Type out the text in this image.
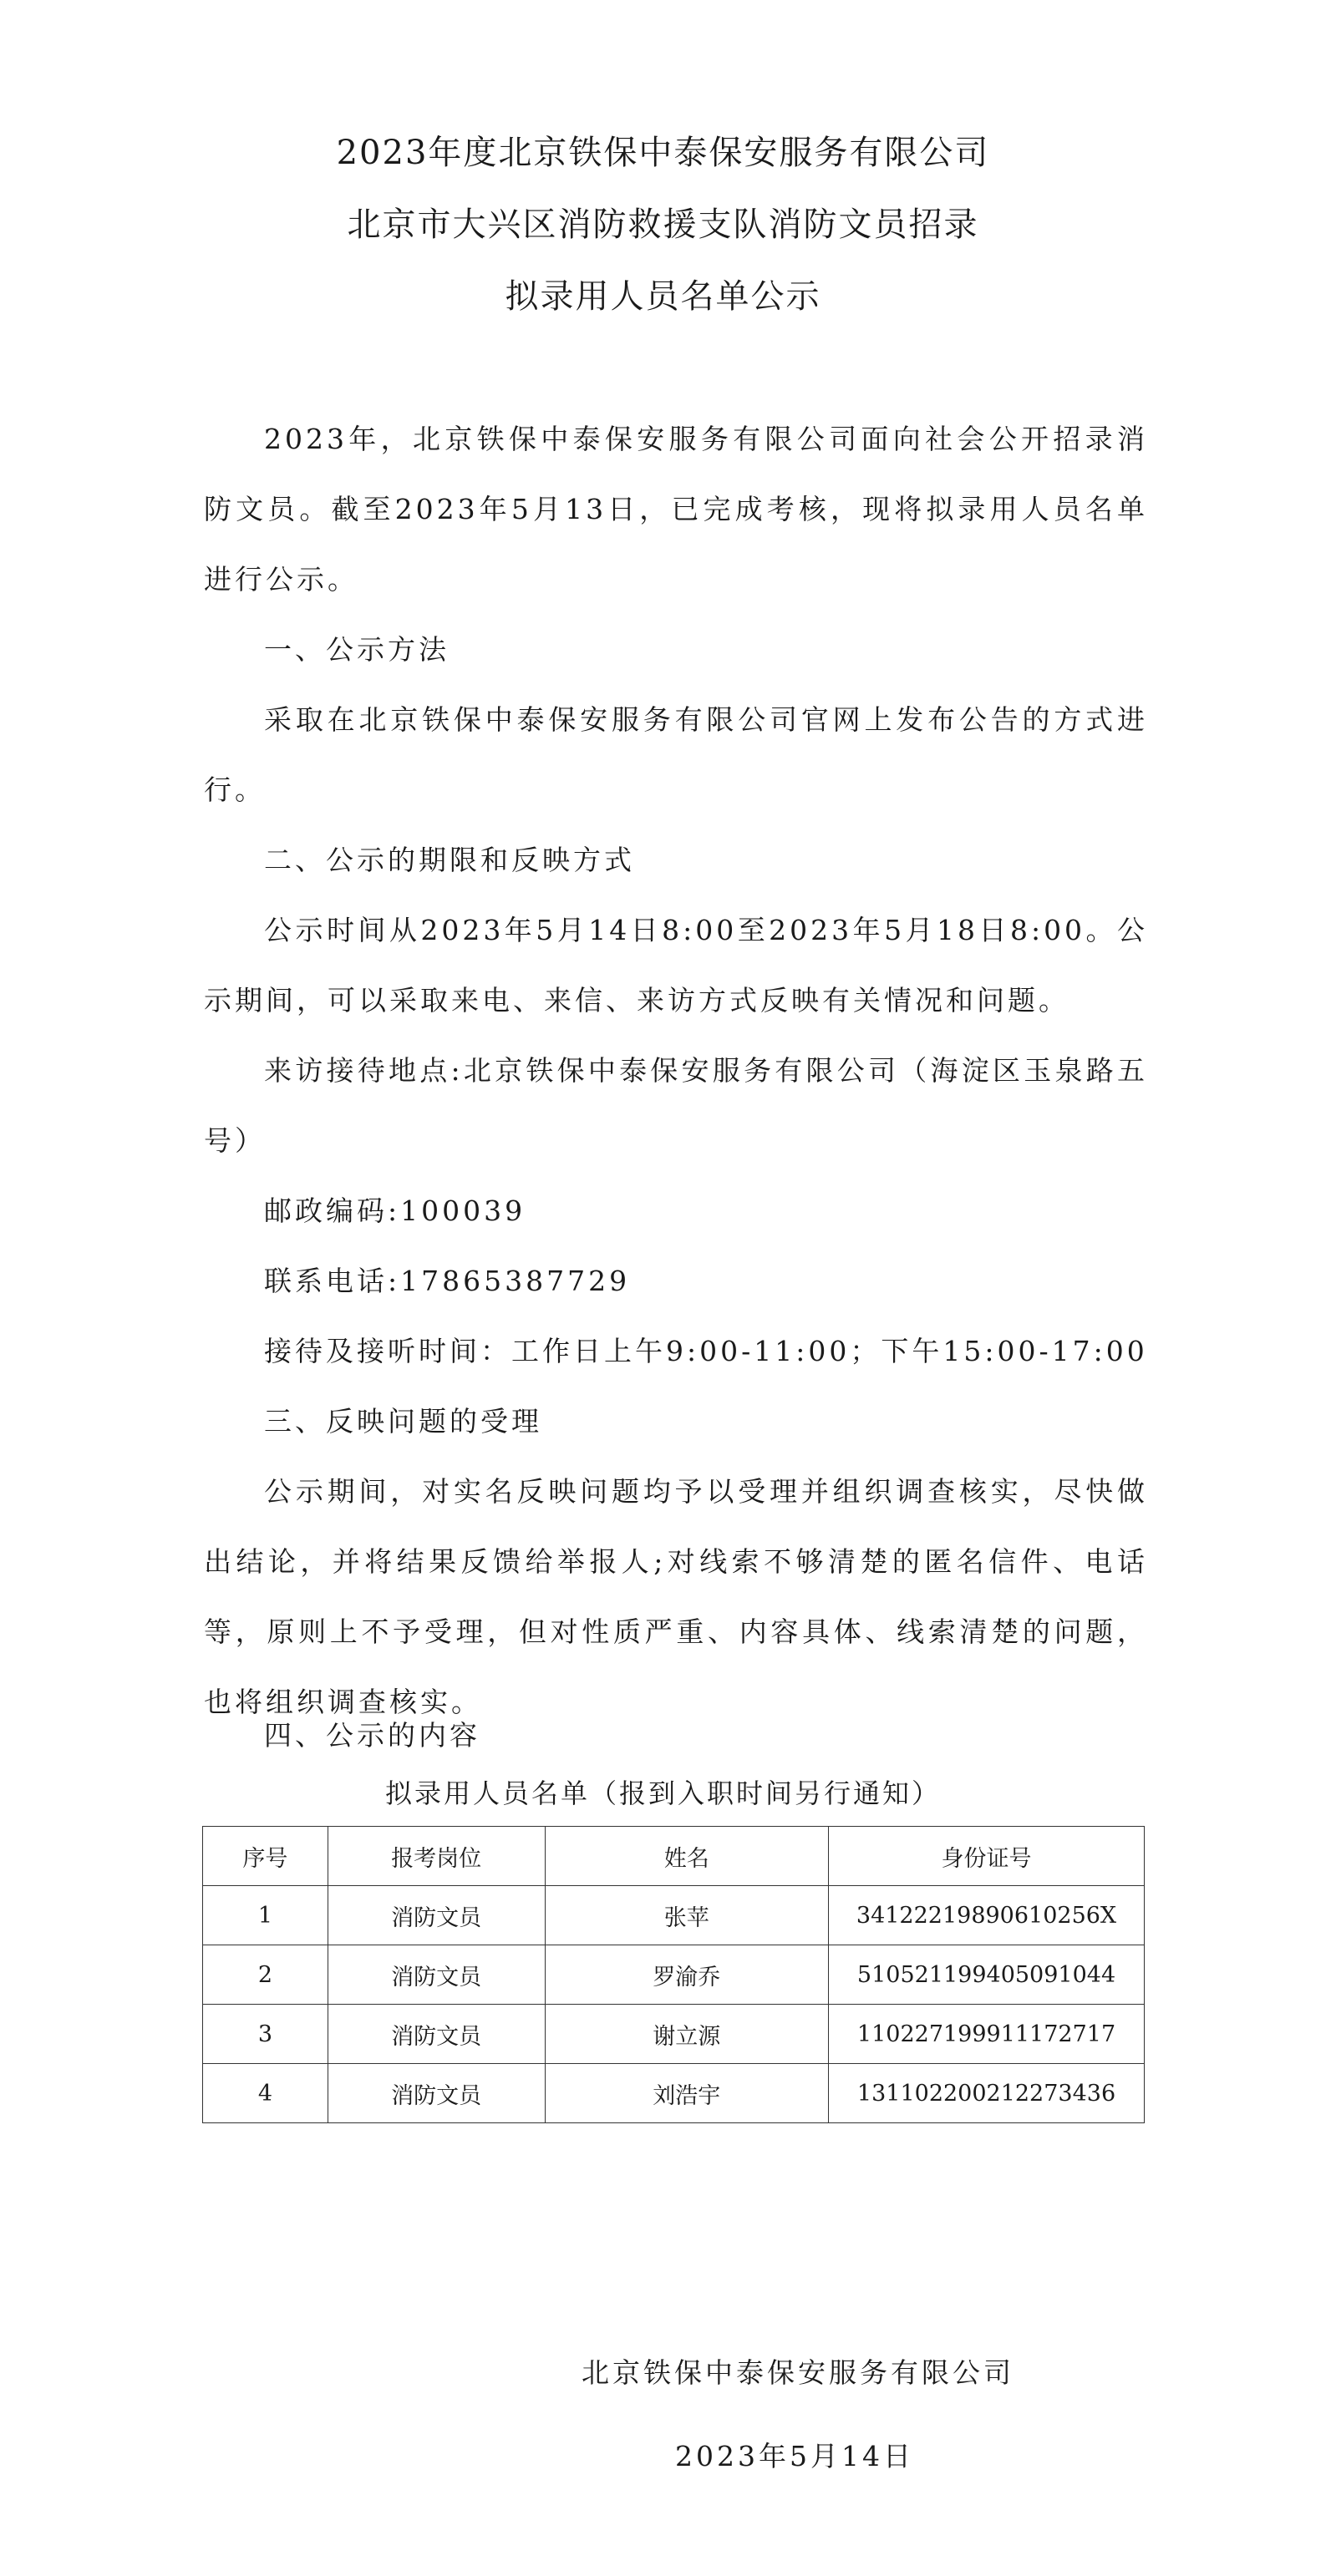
2023年度北京铁保中泰保安服务有限公司
北京市大兴区消防救援支队消防文员招录
拟录用人员名单公示

2023年，北京铁保中泰保安服务有限公司面向社会公开招录消防文员。截至2023年5月13日，已完成考核，现将拟录用人员名单进行公示。

一、公示方法

采取在北京铁保中泰保安服务有限公司官网上发布公告的方式进行。

二、公示的期限和反映方式

公示时间从2023年5月14日8:00至2023年5月18日8:00。公示期间，可以采取来电、来信、来访方式反映有关情况和问题。

来访接待地点:北京铁保中泰保安服务有限公司（海淀区玉泉路五号）

邮政编码:100039

联系电话:17865387729

接待及接听时间：工作日上午9:00-11:00；下午15:00-17:00

三、反映问题的受理

公示期间，对实名反映问题均予以受理并组织调查核实，尽快做出结论，并将结果反馈给举报人;对线索不够清楚的匿名信件、电话等，原则上不予受理，但对性质严重、内容具体、线索清楚的问题，也将组织调查核实。

四、公示的内容

拟录用人员名单（报到入职时间另行通知）

序号	报考岗位	姓名	身份证号
1	消防文员	张苹	34122219890610256X
2	消防文员	罗渝乔	510521199405091044
3	消防文员	谢立源	110227199911172717
4	消防文员	刘浩宇	131102200212273436

北京铁保中泰保安服务有限公司

2023年5月14日
